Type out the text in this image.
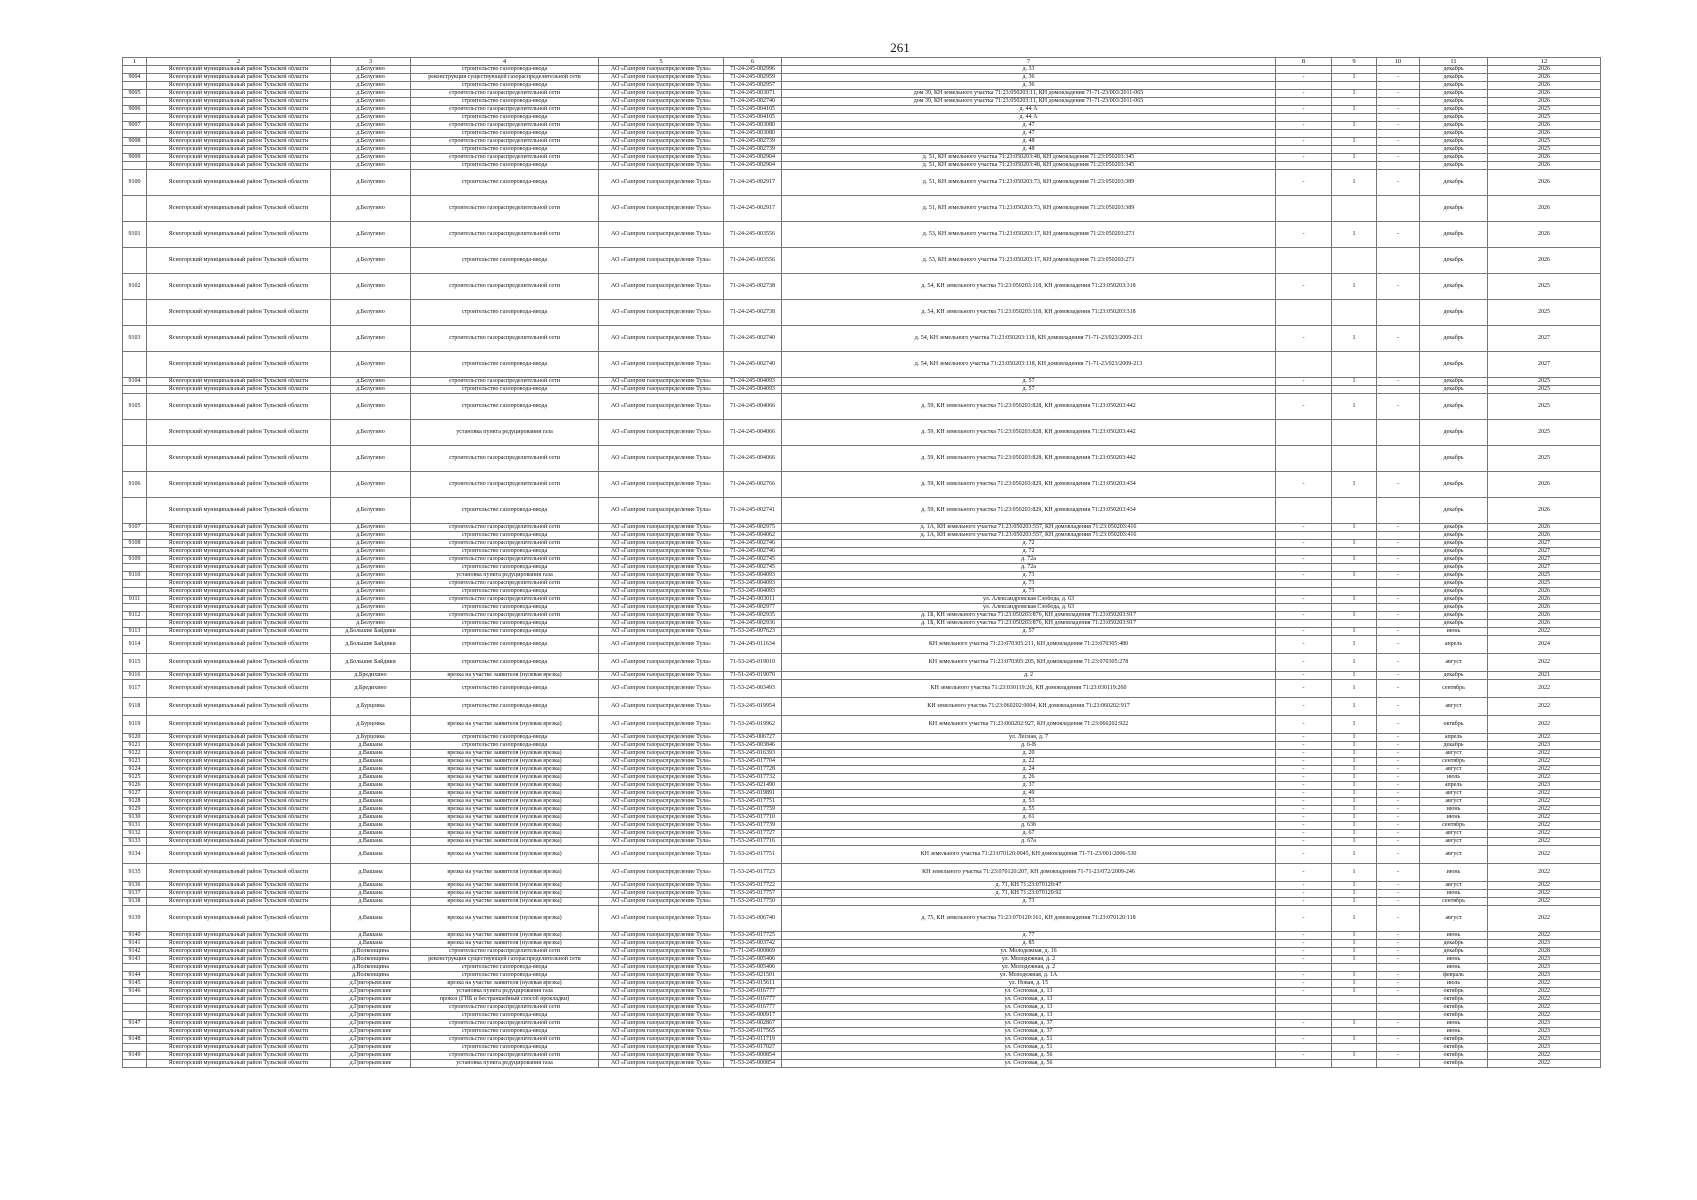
261
1	2	3	4	5	6	7	8	9	10	11	12
	Ясногорский муниципальный район Тульской области	д.Белугино	строительство газопровода-ввода	АО «Газпром газораспределение Тула»	71-24-245-002996	д. 33				декабрь	2026
9094	Ясногорский муниципальный район Тульской области	д.Белугино	реконструкция существующей газораспределительной сети	АО «Газпром газораспределение Тула»	71-24-245-002959	д. 36	-	1	-	декабрь	2026
	Ясногорский муниципальный район Тульской области	д.Белугино	строительство газопровода-ввода	АО «Газпром газораспределение Тула»	71-24-245-002957	д. 36				декабрь	2026
9095	Ясногорский муниципальный район Тульской области	д.Белугино	строительство газораспределительной сети	АО «Газпром газораспределение Тула»	71-24-245-003071	дом 39, КН земельного участка 71:23:050203:11, КН домовладения 71-71-23/003/2011-065	-	1	-	декабрь	2026
	Ясногорский муниципальный район Тульской области	д.Белугино	строительство газопровода-ввода	АО «Газпром газораспределение Тула»	71-24-245-002740	дом 39, КН земельного участка 71:23:050203:11, КН домовладения 71-71-23/003/2011-065				декабрь	2026
9096	Ясногорский муниципальный район Тульской области	д.Белугино	строительство газораспределительной сети	АО «Газпром газораспределение Тула»	71-53-245-004105	д. 44 А	-	1	-	декабрь	2025
	Ясногорский муниципальный район Тульской области	д.Белугино	строительство газопровода-ввода	АО «Газпром газораспределение Тула»	71-53-245-004105	д. 44 А				декабрь	2025
9097	Ясногорский муниципальный район Тульской области	д.Белугино	строительство газораспределительной сети	АО «Газпром газораспределение Тула»	71-24-245-003080	д. 47	-	1	-	декабрь	2026
	Ясногорский муниципальный район Тульской области	д.Белугино	строительство газопровода-ввода	АО «Газпром газораспределение Тула»	71-24-245-003080	д. 47				декабрь	2026
9098	Ясногорский муниципальный район Тульской области	д.Белугино	строительство газораспределительной сети	АО «Газпром газораспределение Тула»	71-24-245-002739	д. 48	-	1	-	декабрь	2025
	Ясногорский муниципальный район Тульской области	д.Белугино	строительство газопровода-ввода	АО «Газпром газораспределение Тула»	71-24-245-002739	д. 48				декабрь	2025
9099	Ясногорский муниципальный район Тульской области	д.Белугино	строительство газораспределительной сети	АО «Газпром газораспределение Тула»	71-24-245-002904	д. 51, КН земельного участка 71:23:050203:48, КН домовладения 71:23:050203:345	-	1	-	декабрь	2026
	Ясногорский муниципальный район Тульской области	д.Белугино	строительство газопровода-ввода	АО «Газпром газораспределение Тула»	71-24-245-002904	д. 51, КН земельного участка 71:23:050203:48, КН домовладения 71:23:050203:345				декабрь	2026
9100	Ясногорский муниципальный район Тульской области	д.Белугино	строительство газопровода-ввода	АО «Газпром газораспределение Тула»	71-24-245-002917	д. 51, КН земельного участка 71:23:050203:73, КН домовладения 71:23:050203:389	-	1	-	декабрь	2026
	Ясногорский муниципальный район Тульской области	д.Белугино	строительство газораспределительной сети	АО «Газпром газораспределение Тула»	71-24-245-002917	д. 51, КН земельного участка 71:23:050203:73, КН домовладения 71:23:050203:389				декабрь	2026
9101	Ясногорский муниципальный район Тульской области	д.Белугино	строительство газораспределительной сети	АО «Газпром газораспределение Тула»	71-24-245-003556	д. 53, КН земельного участка 71:23:050203:17, КН домовладения 71:23:050203:273	-	1	-	декабрь	2026
	Ясногорский муниципальный район Тульской области	д.Белугино	строительство газопровода-ввода	АО «Газпром газораспределение Тула»	71-24-245-003556	д. 53, КН земельного участка 71:23:050203:17, КН домовладения 71:23:050203:273				декабрь	2026
9102	Ясногорский муниципальный район Тульской области	д.Белугино	строительство газораспределительной сети	АО «Газпром газораспределение Тула»	71-24-245-002738	д. 54, КН земельного участка 71:23:050203:118, КН домовладения 71:23:050203:318	-	1	-	декабрь	2025
	Ясногорский муниципальный район Тульской области	д.Белугино	строительство газопровода-ввода	АО «Газпром газораспределение Тула»	71-24-245-002738	д. 54, КН земельного участка 71:23:050203:118, КН домовладения 71:23:050203:318				декабрь	2025
9103	Ясногорский муниципальный район Тульской области	д.Белугино	строительство газораспределительной сети	АО «Газпром газораспределение Тула»	71-24-245-002740	д. 54, КН земельного участка 71:23:050203:118, КН домовладения 71-71-23/023/2009-213	-	1	-	декабрь	2027
	Ясногорский муниципальный район Тульской области	д.Белугино	строительство газопровода-ввода	АО «Газпром газораспределение Тула»	71-24-245-002740	д. 54, КН земельного участка 71:23:050203:118, КН домовладения 71-71-23/023/2009-213				декабрь	2027
9104	Ясногорский муниципальный район Тульской области	д.Белугино	строительство газораспределительной сети	АО «Газпром газораспределение Тула»	71-24-245-004093	д. 57	-	1	-	декабрь	2025
	Ясногорский муниципальный район Тульской области	д.Белугино	строительство газопровода-ввода	АО «Газпром газораспределение Тула»	71-24-245-004093	д. 57				декабрь	2025
9105	Ясногорский муниципальный район Тульской области	д.Белугино	строительство газопровода-ввода	АО «Газпром газораспределение Тула»	71-24-245-004066	д. 59, КН земельного участка 71:23:050203:828, КН домовладения 71:23:050203:442	-	1	-	декабрь	2025
	Ясногорский муниципальный район Тульской области	д.Белугино	установка пункта редуцирования газа	АО «Газпром газораспределение Тула»	71-24-245-004066	д. 59, КН земельного участка 71:23:050203:828, КН домовладения 71:23:050203:442				декабрь	2025
	Ясногорский муниципальный район Тульской области	д.Белугино	строительство газораспределительной сети	АО «Газпром газораспределение Тула»	71-24-245-004066	д. 59, КН земельного участка 71:23:050203:828, КН домовладения 71:23:050203:442				декабрь	2025
9106	Ясногорский муниципальный район Тульской области	д.Белугино	строительство газораспределительной сети	АО «Газпром газораспределение Тула»	71-24-245-002766	д. 59, КН земельного участка 71:23:050203:829, КН домовладения 71:23:050203:434	-	1	-	декабрь	2026
	Ясногорский муниципальный район Тульской области	д.Белугино	строительство газопровода-ввода	АО «Газпром газораспределение Тула»	71-24-245-002741	д. 59, КН земельного участка 71:23:050203:829, КН домовладения 71:23:050203:434				декабрь	2026
9107	Ясногорский муниципальный район Тульской области	д.Белугино	строительство газораспределительной сети	АО «Газпром газораспределение Тула»	71-24-245-002975	д. 1А, КН земельного участка 71:23:050203:557, КН домовладения 71:23:050203:416	-	1	-	декабрь	2026
	Ясногорский муниципальный район Тульской области	д.Белугино	строительство газопровода-ввода	АО «Газпром газораспределение Тула»	71-24-245-004062	д. 1А, КН земельного участка 71:23:050203:557, КН домовладения 71:23:050203:416				декабрь	2026
9108	Ясногорский муниципальный район Тульской области	д.Белугино	строительство газораспределительной сети	АО «Газпром газораспределение Тула»	71-24-245-002746	д. 72	-	1	-	декабрь	2027
	Ясногорский муниципальный район Тульской области	д.Белугино	строительство газопровода-ввода	АО «Газпром газораспределение Тула»	71-24-245-002746	д. 72				декабрь	2027
9109	Ясногорский муниципальный район Тульской области	д.Белугино	строительство газораспределительной сети	АО «Газпром газораспределение Тула»	71-24-245-002745	д. 72а	-	1	-	декабрь	2027
	Ясногорский муниципальный район Тульской области	д.Белугино	строительство газопровода-ввода	АО «Газпром газораспределение Тула»	71-24-245-002745	д. 72а				декабрь	2027
9110	Ясногорский муниципальный район Тульской области	д.Белугино	установка пункта редуцирования газа	АО «Газпром газораспределение Тула»	71-53-245-004093	д. 73	-	1	-	декабрь	2025
	Ясногорский муниципальный район Тульской области	д.Белугино	строительство газораспределительной сети	АО «Газпром газораспределение Тула»	71-53-245-004093	д. 73				декабрь	2025
	Ясногорский муниципальный район Тульской области	д.Белугино	строительство газопровода-ввода	АО «Газпром газораспределение Тула»	71-53-245-004093	д. 73				декабрь	2026
9111	Ясногорский муниципальный район Тульской области	д.Белугино	строительство газораспределительной сети	АО «Газпром газораспределение Тула»	71-24-245-003011	ул. Александровская Слобода, д. 63	-	1	-	декабрь	2026
	Ясногорский муниципальный район Тульской области	д.Белугино	строительство газопровода-ввода	АО «Газпром газораспределение Тула»	71-24-245-002977	ул. Александровская Слобода, д. 63				декабрь	2026
9112	Ясногорский муниципальный район Тульской области	д.Белугино	строительство газораспределительной сети	АО «Газпром газораспределение Тула»	71-24-245-002935	д. 1Б, КН земельного участка 71:23:050203:876, КН домовладения 71:23:050203:917	-	1	-	декабрь	2026
	Ясногорский муниципальный район Тульской области	д.Белугино	строительство газопровода-ввода	АО «Газпром газораспределение Тула»	71-24-245-002936	д. 1Б, КН земельного участка 71:23:050203:876, КН домовладения 71:23:050203:917				декабрь	2026
9113	Ясногорский муниципальный район Тульской области	д.Большие Байдики	строительство газопровода-ввода	АО «Газпром газораспределение Тула»	71-53-245-007623	д. 57	-	1	-	июнь	2022
9114	Ясногорский муниципальный район Тульской области	д.Большие Байдики	строительство газопровода-ввода	АО «Газпром газораспределение Тула»	71-24-245-011634	КН земельного участка 71:23:070305:211, КН домовладения 71:23:070305:480	-	1	-	апрель	2024
9115	Ясногорский муниципальный район Тульской области	д.Большие Байдики	строительство газопровода-ввода	АО «Газпром газораспределение Тула»	71-53-245-019010	КН земельного участка 71:23:070305:205, КН домовладения 71:23:070305:278	-	1	-	август	2022
9116	Ясногорский муниципальный район Тульской области	д.Бредихино	врезка на участке заявителя (нулевая врезка)	АО «Газпром газораспределение Тула»	71-51-245-019070	д. 2	-	1	-	декабрь	2021
9117	Ясногорский муниципальный район Тульской области	д.Бредихино	строительство газопровода-ввода	АО «Газпром газораспределение Тула»	71-53-245-003493	КН земельного участка 71:23:030119:26, КН домовладения 71:23:030119:260	-	1	-	сентябрь	2022
9118	Ясногорский муниципальный район Тульской области	д.Бурцовка	строительство газопровода-ввода	АО «Газпром газораспределение Тула»	71-53-245-019954	КН земельного участка 71:23:060202:0004, КН домовладения 71:23:060202:917	-	1	-	август	2022
9119	Ясногорский муниципальный район Тульской области	д.Бурцовка	врезка на участке заявителя (нулевая врезка)	АО «Газпром газораспределение Тула»	71-53-245-019962	КН земельного участка 71:23:060202:927, КН домовладения 71:23:060202:922	-	1	-	октябрь	2022
9120	Ясногорский муниципальный район Тульской области	д.Бурцовка	строительство газопровода-ввода	АО «Газпром газораспределение Тула»	71-53-245-006727	ул. Лесная, д. 7	-	1	-	апрель	2022
9121	Ясногорский муниципальный район Тульской области	д.Вашана	строительство газопровода-ввода	АО «Газпром газораспределение Тула»	71-53-245-003846	д. 6-В	-	1	-	декабрь	2023
9122	Ясногорский муниципальный район Тульской области	д.Вашана	врезка на участке заявителя (нулевая врезка)	АО «Газпром газораспределение Тула»	71-53-245-016393	д. 20	-	1	-	август	2022
9123	Ясногорский муниципальный район Тульской области	д.Вашана	врезка на участке заявителя (нулевая врезка)	АО «Газпром газораспределение Тула»	71-53-245-017704	д. 22	-	1	-	сентябрь	2022
9124	Ясногорский муниципальный район Тульской области	д.Вашана	врезка на участке заявителя (нулевая врезка)	АО «Газпром газораспределение Тула»	71-53-245-017728	д. 24	-	1	-	август	2022
9125	Ясногорский муниципальный район Тульской области	д.Вашана	врезка на участке заявителя (нулевая врезка)	АО «Газпром газораспределение Тула»	71-53-245-017732	д. 26	-	1	-	июль	2022
9126	Ясногорский муниципальный район Тульской области	д.Вашана	врезка на участке заявителя (нулевая врезка)	АО «Газпром газораспределение Тула»	71-53-245-021490	д. 37	-	1	-	апрель	2023
9127	Ясногорский муниципальный район Тульской области	д.Вашана	врезка на участке заявителя (нулевая врезка)	АО «Газпром газораспределение Тула»	71-53-245-019891	д. 49	-	1	-	август	2022
9128	Ясногорский муниципальный район Тульской области	д.Вашана	врезка на участке заявителя (нулевая врезка)	АО «Газпром газораспределение Тула»	71-53-245-017751	д. 53	-	1	-	август	2022
9129	Ясногорский муниципальный район Тульской области	д.Вашана	врезка на участке заявителя (нулевая врезка)	АО «Газпром газораспределение Тула»	71-53-245-017759	д. 55	-	1	-	июнь	2022
9130	Ясногорский муниципальный район Тульской области	д.Вашана	врезка на участке заявителя (нулевая врезка)	АО «Газпром газораспределение Тула»	71-53-245-017710	д. 61	-	1	-	июнь	2022
9131	Ясногорский муниципальный район Тульской области	д.Вашана	врезка на участке заявителя (нулевая врезка)	АО «Газпром газораспределение Тула»	71-53-245-017739	д. 63б	-	1	-	сентябрь	2022
9132	Ясногорский муниципальный район Тульской области	д.Вашана	врезка на участке заявителя (нулевая врезка)	АО «Газпром газораспределение Тула»	71-53-245-017727	д. 67	-	1	-	август	2022
9133	Ясногорский муниципальный район Тульской области	д.Вашана	врезка на участке заявителя (нулевая врезка)	АО «Газпром газораспределение Тула»	71-53-245-017716	д. 67а	-	1	-	август	2022
9134	Ясногорский муниципальный район Тульской области	д.Вашана	врезка на участке заявителя (нулевая врезка)	АО «Газпром газораспределение Тула»	71-53-245-017751	КН земельного участка 71:23:070120:0045, КН домовладения 71-71-23/001/2006-530	-	1	-	август	2022
9135	Ясногорский муниципальный район Тульской области	д.Вашана	врезка на участке заявителя (нулевая врезка)	АО «Газпром газораспределение Тула»	71-53-245-017723	КН земельного участка 71:23:070120:207, КН домовладения 71-71-23/072/2009-246	-	1	-	июнь	2022
9136	Ясногорский муниципальный район Тульской области	д.Вашана	врезка на участке заявителя (нулевая врезка)	АО «Газпром газораспределение Тула»	71-53-245-017722	д. 71, КН 71:23:070120:47	-	1	-	август	2022
9137	Ясногорский муниципальный район Тульской области	д.Вашана	врезка на участке заявителя (нулевая врезка)	АО «Газпром газораспределение Тула»	71-53-245-017757	д. 71, КН 71:23:070120:92	-	1	-	июнь	2022
9138	Ясногорский муниципальный район Тульской области	д.Вашана	врезка на участке заявителя (нулевая врезка)	АО «Газпром газораспределение Тула»	71-53-245-017750	д. 73	-	1	-	сентябрь	2022
9139	Ясногорский муниципальный район Тульской области	д.Вашана	врезка на участке заявителя (нулевая врезка)	АО «Газпром газораспределение Тула»	71-53-245-006740	д. 75, КН земельного участка 71:23:070120:161, КН домовладения 71:23:070120:118	-	1	-	август	2022
9140	Ясногорский муниципальный район Тульской области	д.Вашана	врезка на участке заявителя (нулевая врезка)	АО «Газпром газораспределение Тула»	71-53-245-017725	д. 77	-	1	-	июнь	2022
9141	Ясногорский муниципальный район Тульской области	д.Вашана	врезка на участке заявителя (нулевая врезка)	АО «Газпром газораспределение Тула»	71-53-245-003742	д. 85	-	1	-	декабрь	2023
9142	Ясногорский муниципальный район Тульской области	д.Волконщина	строительство газораспределительной сети	АО «Газпром газораспределение Тула»	71-71-245-000869	ул. Молодежная, д. 16	-	1	-	декабрь	2028
9143	Ясногорский муниципальный район Тульской области	д.Волконщина	реконструкция существующей газораспределительной сети	АО «Газпром газораспределение Тула»	71-53-245-005406	ул. Молодежная, д. 2	-	1	-	июнь	2023
	Ясногорский муниципальный район Тульской области	д.Волконщина	строительство газопровода-ввода	АО «Газпром газораспределение Тула»	71-53-245-005406	ул. Молодежная, д. 2				июнь	2023
9144	Ясногорский муниципальный район Тульской области	д.Волконщина	строительство газопровода-ввода	АО «Газпром газораспределение Тула»	71-53-245-021501	ул. Молодежная, д. 1А	-	1	-	февраль	2023
9145	Ясногорский муниципальный район Тульской области	д.Григорьевские	врезка на участке заявителя (нулевая врезка)	АО «Газпром газораспределение Тула»	71-53-245-015611	ул. Новая, д. 15	-	1	-	июль	2022
9146	Ясногорский муниципальный район Тульской области	д.Григорьевские	установка пункта редуцирования газа	АО «Газпром газораспределение Тула»	71-53-245-016777	ул. Сосновая, д. 13	-	1	-	октябрь	2022
	Ясногорский муниципальный район Тульской области	д.Григорьевские	прокол (ГНБ и бестраншейный способ прокладки)	АО «Газпром газораспределение Тула»	71-53-245-016777	ул. Сосновая, д. 13				октябрь	2022
	Ясногорский муниципальный район Тульской области	д.Григорьевские	строительство газораспределительной сети	АО «Газпром газораспределение Тула»	71-53-245-016777	ул. Сосновая, д. 13				октябрь	2022
	Ясногорский муниципальный район Тульской области	д.Григорьевские	строительство газопровода-ввода	АО «Газпром газораспределение Тула»	71-53-245-000917	ул. Сосновая, д. 13				октябрь	2022
9147	Ясногорский муниципальный район Тульской области	д.Григорьевские	строительство газораспределительной сети	АО «Газпром газораспределение Тула»	71-53-245-002867	ул. Сосновая, д. 37	-	1	-	июнь	2023
	Ясногорский муниципальный район Тульской области	д.Григорьевские	строительство газопровода-ввода	АО «Газпром газораспределение Тула»	71-53-245-017565	ул. Сосновая, д. 37				июнь	2023
9148	Ясногорский муниципальный район Тульской области	д.Григорьевские	строительство газораспределительной сети	АО «Газпром газораспределение Тула»	71-53-245-011719	ул. Сосновая, д. 51	-	1	-	октябрь	2023
	Ясногорский муниципальный район Тульской области	д.Григорьевские	строительство газопровода-ввода	АО «Газпром газораспределение Тула»	71-53-245-017027	ул. Сосновая, д. 51				октябрь	2023
9149	Ясногорский муниципальный район Тульской области	д.Григорьевские	строительство газораспределительной сети	АО «Газпром газораспределение Тула»	71-53-245-000854	ул. Сосновая, д. 56	-	1	-	октябрь	2022
	Ясногорский муниципальный район Тульской области	д.Григорьевские	установка пункта редуцирования газа	АО «Газпром газораспределение Тула»	71-53-245-000854	ул. Сосновая, д. 56				октябрь	2022
